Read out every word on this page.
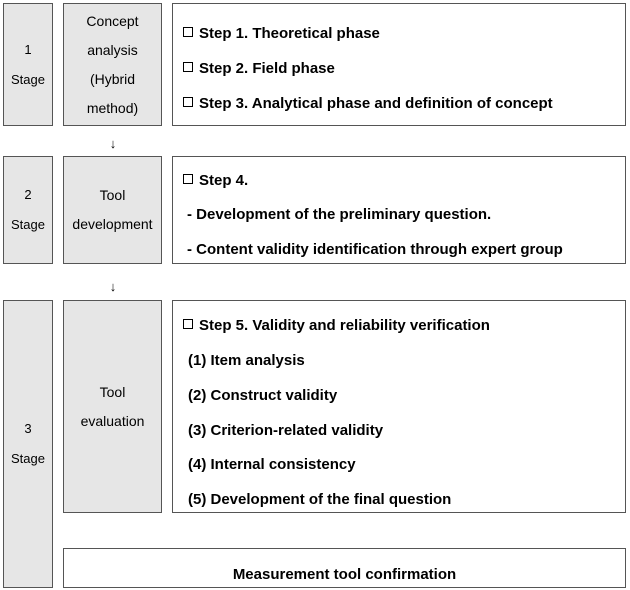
1
Stage
Concept
analysis
(Hybrid
method)
Step 1. Theoretical phase
Step 2. Field phase
Step 3. Analytical phase and definition of concept
↓
2
Stage
Tool
development
Step 4.
- Development of the preliminary question.
- Content validity identification through expert group
↓
3
Stage
Tool
evaluation
Step 5. Validity and reliability verification
(1) Item analysis
(2) Construct validity
(3) Criterion-related validity
(4) Internal consistency
(5) Development of the final question
Measurement tool confirmation
